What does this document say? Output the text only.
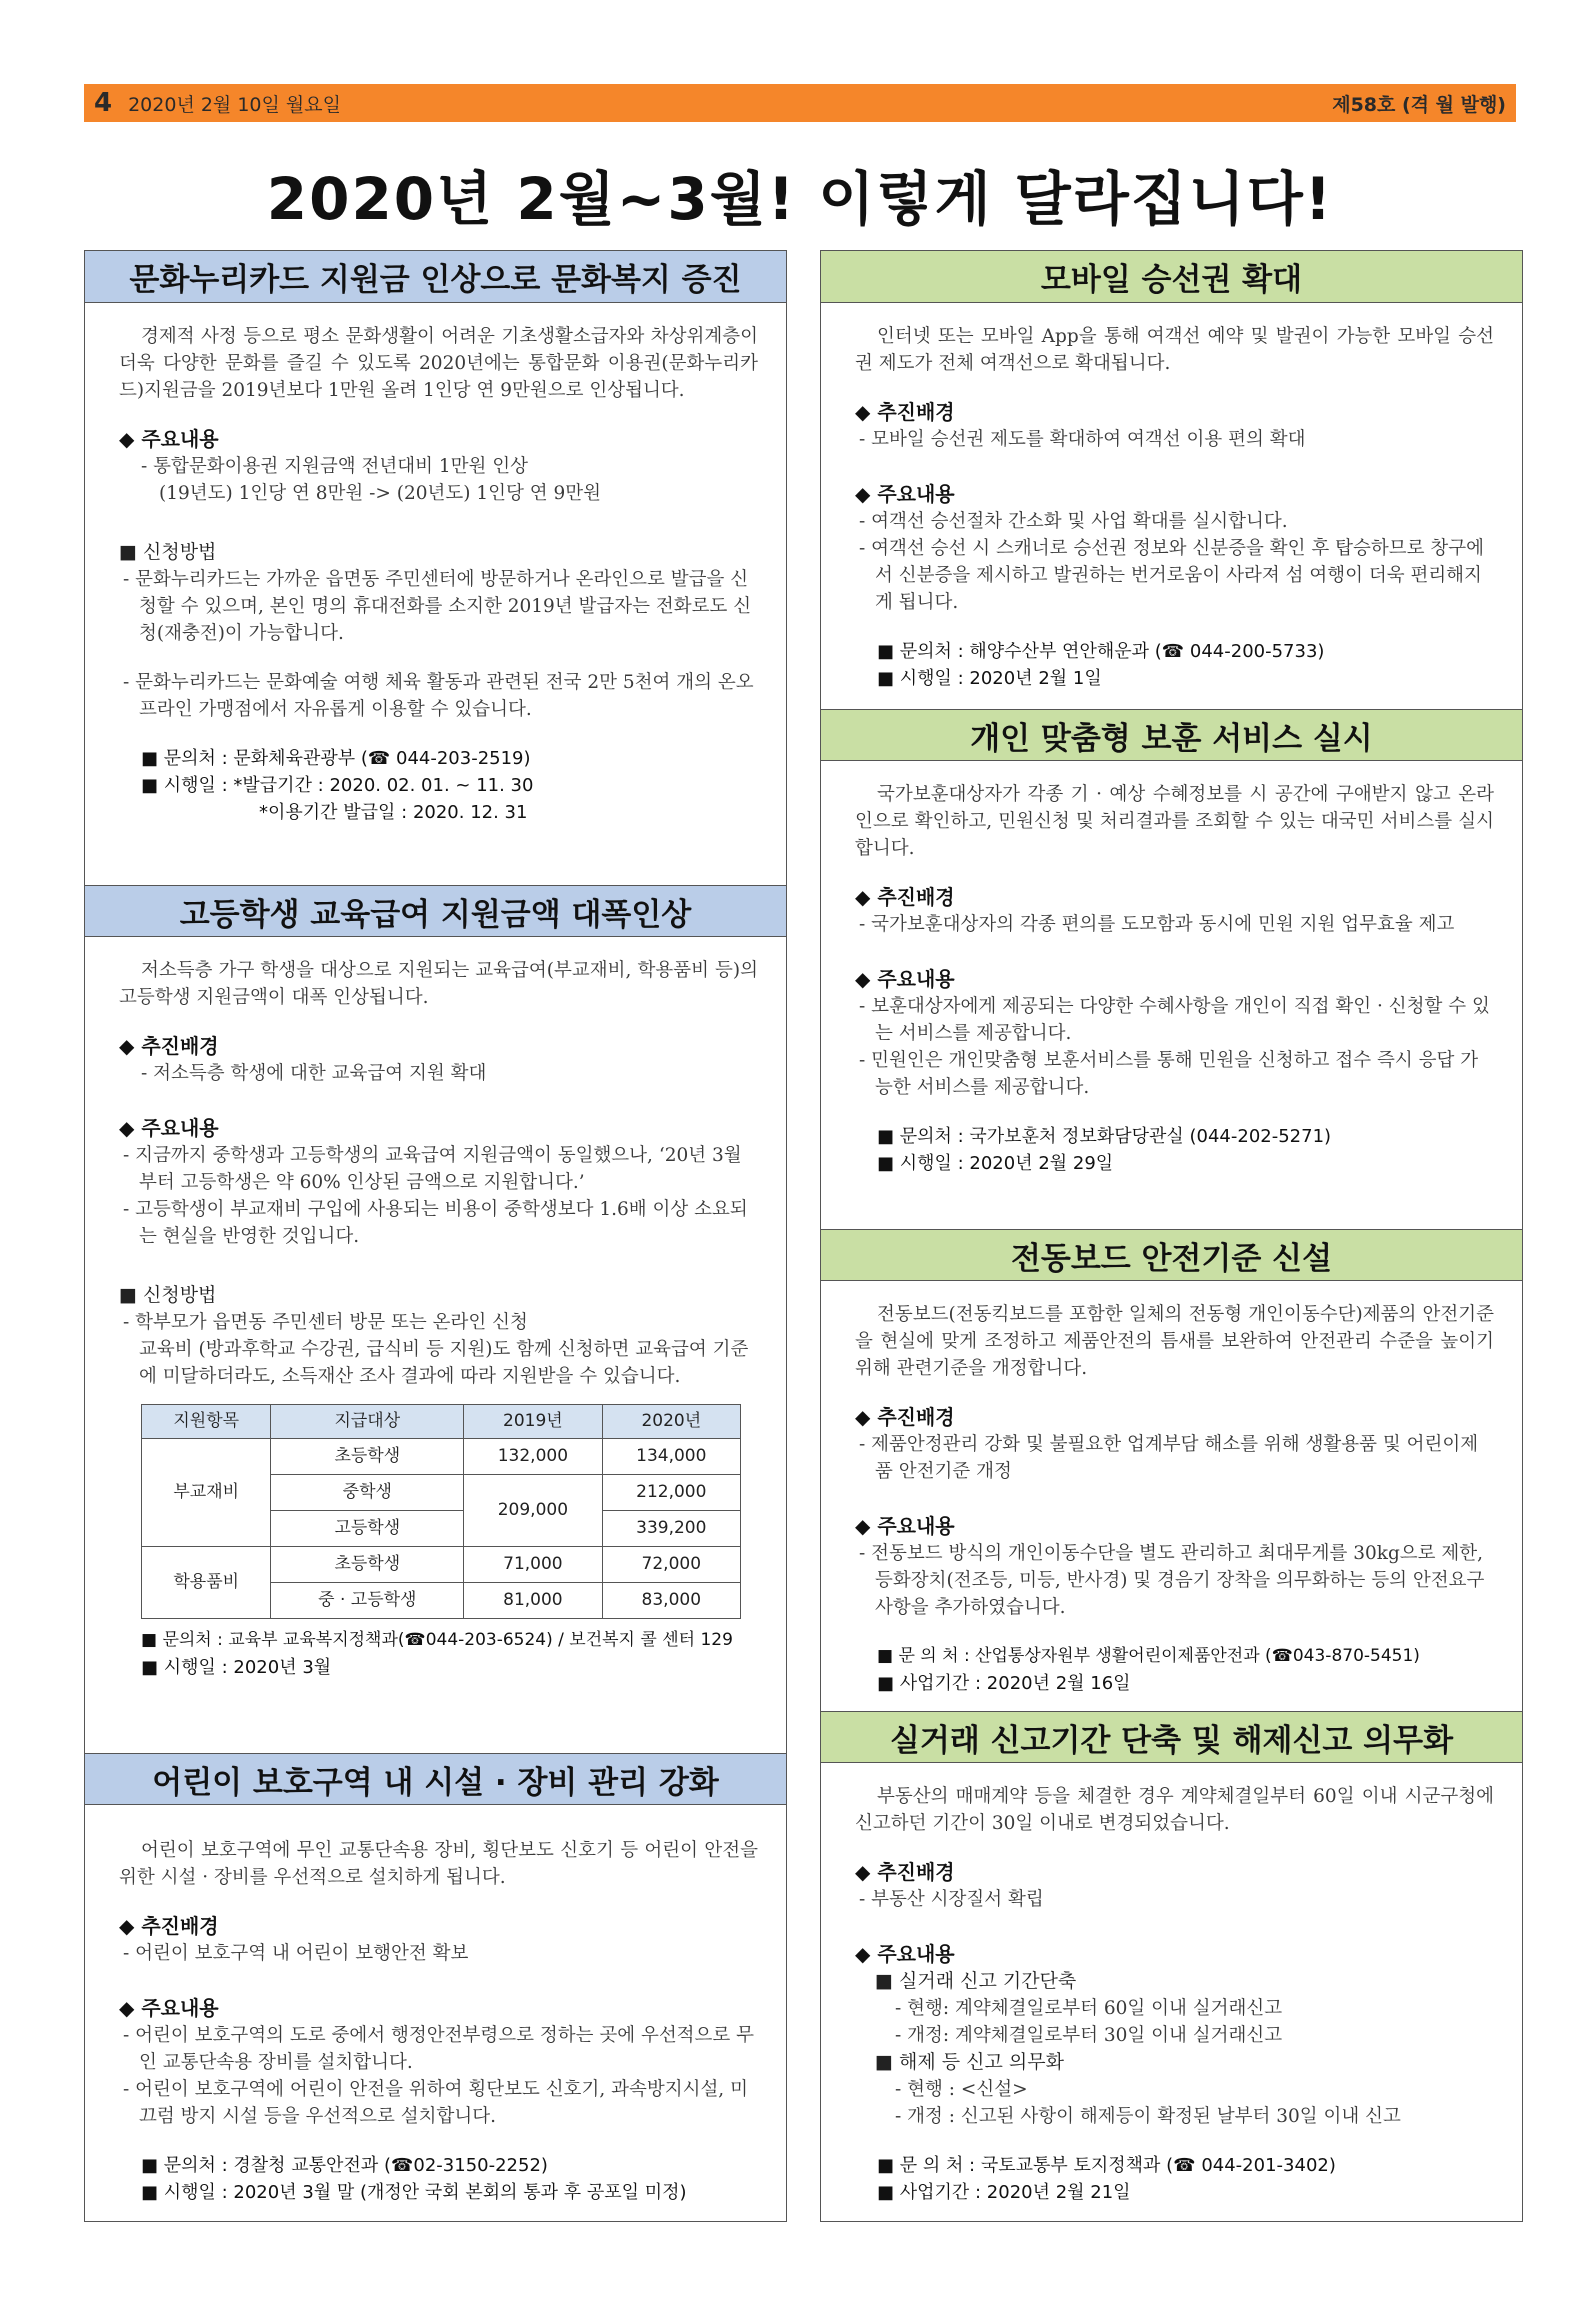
4 2020년 2월 10일 월요일	제58호 (격 월 발행)
2020년 2월~3월! 이렇게 달라집니다!
문화누리카드 지원금 인상으로 문화복지 증진

경제적 사정 등으로 평소 문화생활이 어려운 기초생활소급자와 차상위계층이 더욱 다양한 문화를 즐길 수 있도록 2020년에는 통합문화 이용권(문화누리카드)지원금을 2019년보다 1만원 올려 1인당 연 9만원으로 인상됩니다.

◆ 주요내용
- 통합문화이용권 지원금액 전년대비 1만원 인상
(19년도) 1인당 연 8만원 -> (20년도) 1인당 연 9만원
■ 신청방법
- 문화누리카드는 가까운 읍면동 주민센터에 방문하거나 온라인으로 발급을 신청할 수 있으며, 본인 명의 휴대전화를 소지한 2019년 발급자는 전화로도 신청(재충전)이 가능합니다.
- 문화누리카드는 문화예술 여행 체육 활동과 관련된 전국 2만 5천여 개의 온오프라인 가맹점에서 자유롭게 이용할 수 있습니다.
■ 문의처 : 문화체육관광부 (☎ 044-203-2519)
■ 시행일 : *발급기간 : 2020. 02. 01. ~ 11. 30
*이용기간 발급일 : 2020. 12. 31
고등학생 교육급여 지원금액 대폭인상

저소득층 가구 학생을 대상으로 지원되는 교육급여(부교재비, 학용품비 등)의 고등학생 지원금액이 대폭 인상됩니다.

◆ 추진배경
- 저소득층 학생에 대한 교육급여 지원 확대
◆ 주요내용
- 지금까지 중학생과 고등학생의 교육급여 지원금액이 동일했으나, ‘20년 3월부터 고등학생은 약 60% 인상된 금액으로 지원합니다.’
- 고등학생이 부교재비 구입에 사용되는 비용이 중학생보다 1.6배 이상 소요되는 현실을 반영한 것입니다.
■ 신청방법
- 학부모가 읍면동 주민센터 방문 또는 온라인 신청
교육비 (방과후학교 수강권, 급식비 등 지원)도 함께 신청하면 교육급여 기준에 미달하더라도, 소득재산 조사 결과에 따라 지원받을 수 있습니다.
지원항목	지급대상	2019년	2020년
부교재비	초등학생	132,000	134,000
	중학생	209,000	212,000
	고등학생		339,200
학용품비	초등학생	71,000	72,000
	중 · 고등학생	81,000	83,000
■ 문의처 : 교육부 교육복지정책과(☎044-203-6524) / 보건복지 콜 센터 129
■ 시행일 : 2020년 3월
어린이 보호구역 내 시설 · 장비 관리 강화

어린이 보호구역에 무인 교통단속용 장비, 횡단보도 신호기 등 어린이 안전을 위한 시설 · 장비를 우선적으로 설치하게 됩니다.

◆ 추진배경
- 어린이 보호구역 내 어린이 보행안전 확보
◆ 주요내용
- 어린이 보호구역의 도로 중에서 행정안전부령으로 정하는 곳에 우선적으로 무인 교통단속용 장비를 설치합니다.
- 어린이 보호구역에 어린이 안전을 위하여 횡단보도 신호기, 과속방지시설, 미끄럼 방지 시설 등을 우선적으로 설치합니다.
■ 문의처 : 경찰청 교통안전과 (☎02-3150-2252)
■ 시행일 : 2020년 3월 말 (개정안 국회 본회의 통과 후 공포일 미정)
모바일 승선권 확대

인터넷 또는 모바일 App을 통해 여객선 예약 및 발권이 가능한 모바일 승선권 제도가 전체 여객선으로 확대됩니다.

◆ 추진배경
- 모바일 승선권 제도를 확대하여 여객선 이용 편의 확대
◆ 주요내용
- 여객선 승선절차 간소화 및 사업 확대를 실시합니다.
- 여객선 승선 시 스캐너로 승선권 정보와 신분증을 확인 후 탑승하므로 창구에서 신분증을 제시하고 발권하는 번거로움이 사라져 섬 여행이 더욱 편리해지게 됩니다.
■ 문의처 : 해양수산부 연안해운과 (☎ 044-200-5733)
■ 시행일 : 2020년 2월 1일
개인 맞춤형 보훈 서비스 실시

국가보훈대상자가 각종 기 · 예상 수혜정보를 시 공간에 구애받지 않고 온라인으로 확인하고, 민원신청 및 처리결과를 조회할 수 있는 대국민 서비스를 실시합니다.

◆ 추진배경
- 국가보훈대상자의 각종 편의를 도모함과 동시에 민원 지원 업무효율 제고
◆ 주요내용
- 보훈대상자에게 제공되는 다양한 수혜사항을 개인이 직접 확인 · 신청할 수 있는 서비스를 제공합니다.
- 민원인은 개인맞춤형 보훈서비스를 통해 민원을 신청하고 접수 즉시 응답 가능한 서비스를 제공합니다.
■ 문의처 : 국가보훈처 정보화담당관실 (044-202-5271)
■ 시행일 : 2020년 2월 29일
전동보드 안전기준 신설

전동보드(전동킥보드를 포함한 일체의 전동형 개인이동수단)제품의 안전기준을 현실에 맞게 조정하고 제품안전의 틈새를 보완하여 안전관리 수준을 높이기 위해 관련기준을 개정합니다.

◆ 추진배경
- 제품안정관리 강화 및 불필요한 업계부담 해소를 위해 생활용품 및 어린이제품 안전기준 개정
◆ 주요내용
- 전동보드 방식의 개인이동수단을 별도 관리하고 최대무게를 30kg으로 제한, 등화장치(전조등, 미등, 반사경) 및 경음기 장착을 의무화하는 등의 안전요구사항을 추가하였습니다.
■ 문 의 처 : 산업통상자원부 생활어린이제품안전과 (☎043-870-5451)
■ 사업기간 : 2020년 2월 16일
실거래 신고기간 단축 및 해제신고 의무화

부동산의 매매계약 등을 체결한 경우 계약체결일부터 60일 이내 시군구청에 신고하던 기간이 30일 이내로 변경되었습니다.

◆ 추진배경
- 부동산 시장질서 확립
◆ 주요내용
■ 실거래 신고 기간단축
- 현행: 계약체결일로부터 60일 이내 실거래신고
- 개정: 계약체결일로부터 30일 이내 실거래신고
■ 해제 등 신고 의무화
- 현행 : <신설>
- 개정 : 신고된 사항이 해제등이 확정된 날부터 30일 이내 신고
■ 문 의 처 : 국토교통부 토지정책과 (☎ 044-201-3402)
■ 사업기간 : 2020년 2월 21일
